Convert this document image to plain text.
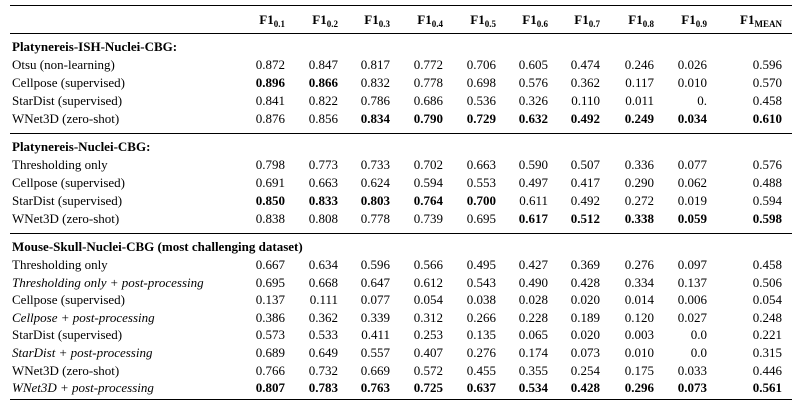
$F1_{0.1}$ $F1_{0.2}$ $F1_{0.3}$ $F1_{0.4}$ $F1_{0.5}$ $F1_{0.6}$ $F1_{0.7}$ $F1_{0.8}$ $F1_{0.9}$	$F1_{MEAN}$
Platynereis-ISH-Nuclei-CBG:
Otsu (non-learning)	0.872 0.847 0.817 0.772 0.706 0.605 0.474 0.246 0.026	0.596
Cellpose (supervised)	0.896 0.866 0.832 0.778 0.698 0.576 0.362 0.117 0.010	0.570
StarDist (supervised)	0.841 0.822 0.786 0.686 0.536 0.326 0.110 0.011	0.	0.458
WNet3D (zero-shot)	0.876 0.856 0.834 0.790 0.729 0.632 0.492 0.249 0.034	0.610
Platynereis-Nuclei-CBG:
Thresholding only	0.798 0.773 0.733 0.702 0.663 0.590 0.507 0.336 0.077	0.576
Cellpose (supervised)	0.691 0.663 0.624 0.594 0.553 0.497 0.417 0.290 0.062	0.488
StarDist (supervised)	0.850 0.833 0.803 0.764 0.700 0.611 0.492 0.272 0.019	0.594
WNet3D (zero-shot)	0.838 0.808 0.778 0.739 0.695 0.617 0.512 0.338 0.059	0.598
Mouse-Skull-Nuclei-CBG (most challenging dataset)
Thresholding only	0.667 0.634 0.596 0.566 0.495 0.427 0.369 0.276 0.097	0.458
Thresholding only + post-processing	0.695 0.668 0.647 0.612 0.543 0.490 0.428 0.334 0.137	0.506
Cellpose (supervised)	0.137 0.111 0.077 0.054 0.038 0.028 0.020 0.014 0.006	0.054
Cellpose + post-processing	0.386 0.362 0.339 0.312 0.266 0.228 0.189 0.120 0.027	0.248
StarDist (supervised)	0.573 0.533 0.411 0.253 0.135 0.065 0.020 0.003	0.0	0.221
StarDist + post-processing	0.689 0.649 0.557 0.407 0.276 0.174 0.073 0.010	0.0	0.315
WNet3D (zero-shot)	0.766 0.732 0.669 0.572 0.455 0.355 0.254 0.175 0.033	0.446
WNet3D + post-processing	0.807 0.783 0.763 0.725 0.637 0.534 0.428 0.296 0.073	0.561
